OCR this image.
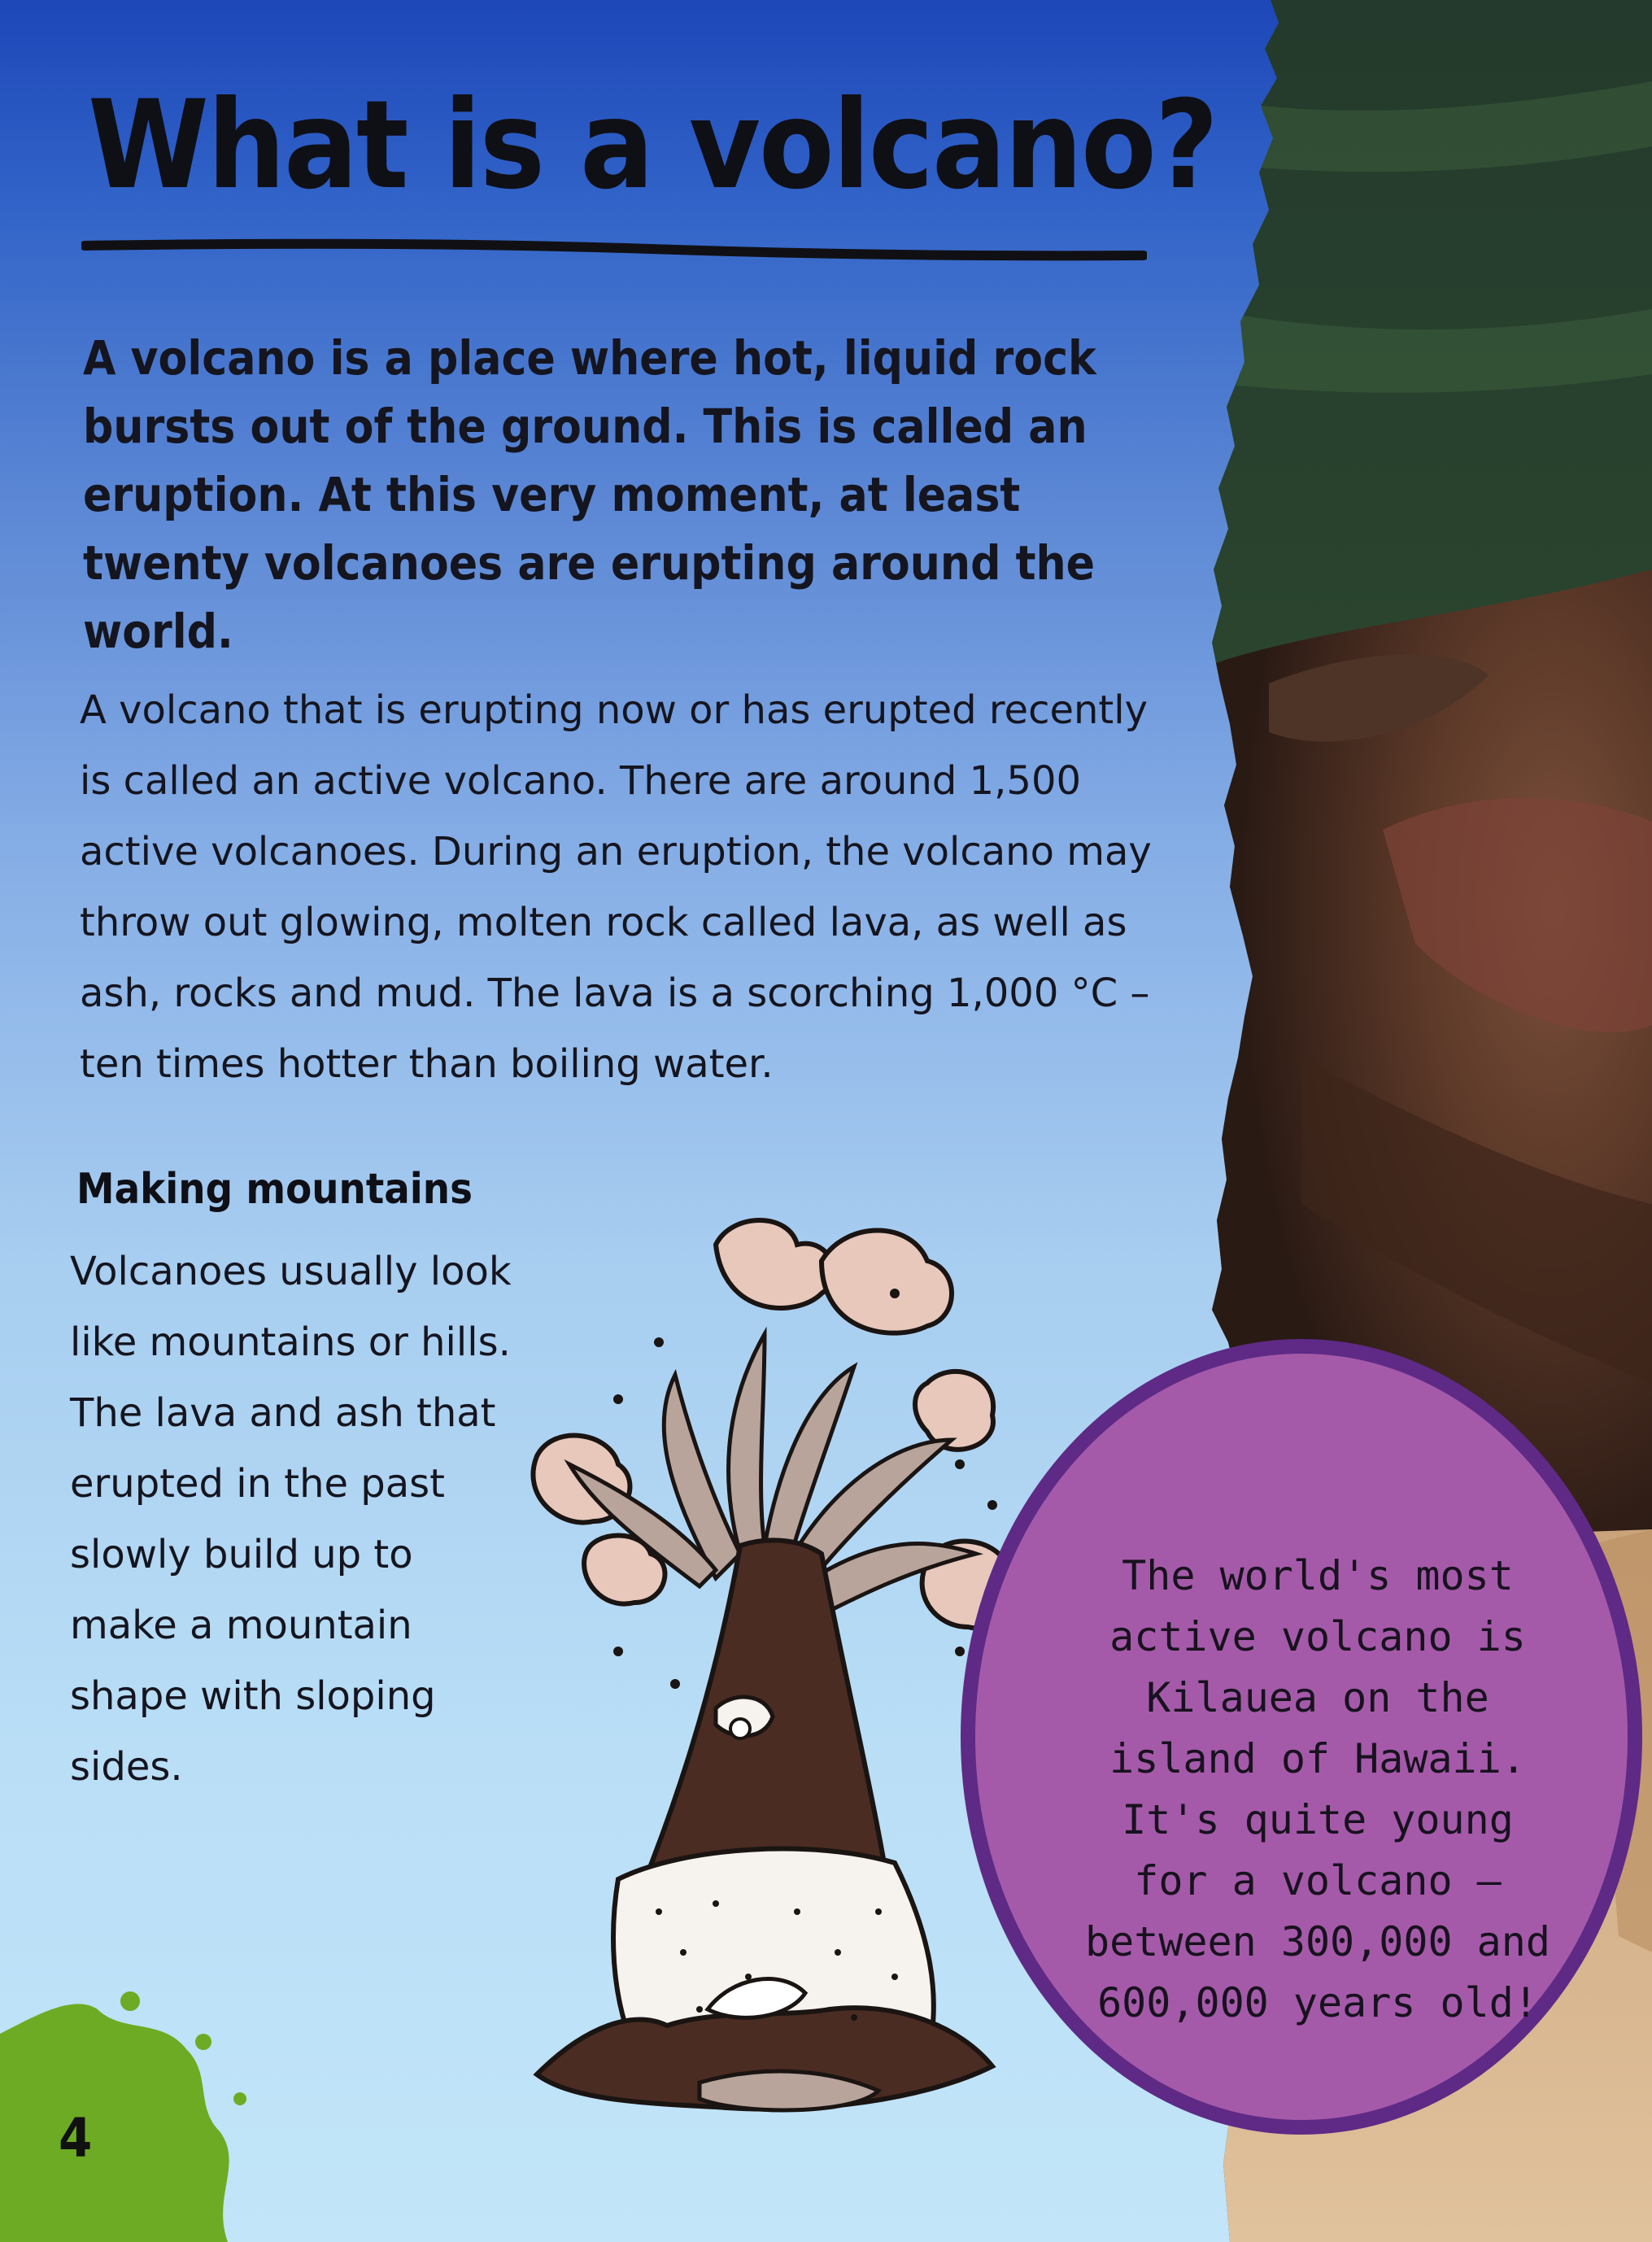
What is a volcano?

A volcano is a place where hot, liquid rock bursts out of the ground. This is called an eruption. At this very moment, at least twenty volcanoes are erupting around the world.

A volcano that is erupting now or has erupted recently is called an active volcano. There are around 1,500 active volcanoes. During an eruption, the volcano may throw out glowing, molten rock called lava, as well as ash, rocks and mud. The lava is a scorching 1,000 °C – ten times hotter than boiling water.

Making mountains

Volcanoes usually look like mountains or hills. The lava and ash that erupted in the past slowly build up to make a mountain shape with sloping sides.

The world's most active volcano is Kilauea on the island of Hawaii. It's quite young for a volcano – between 300,000 and 600,000 years old!

4
